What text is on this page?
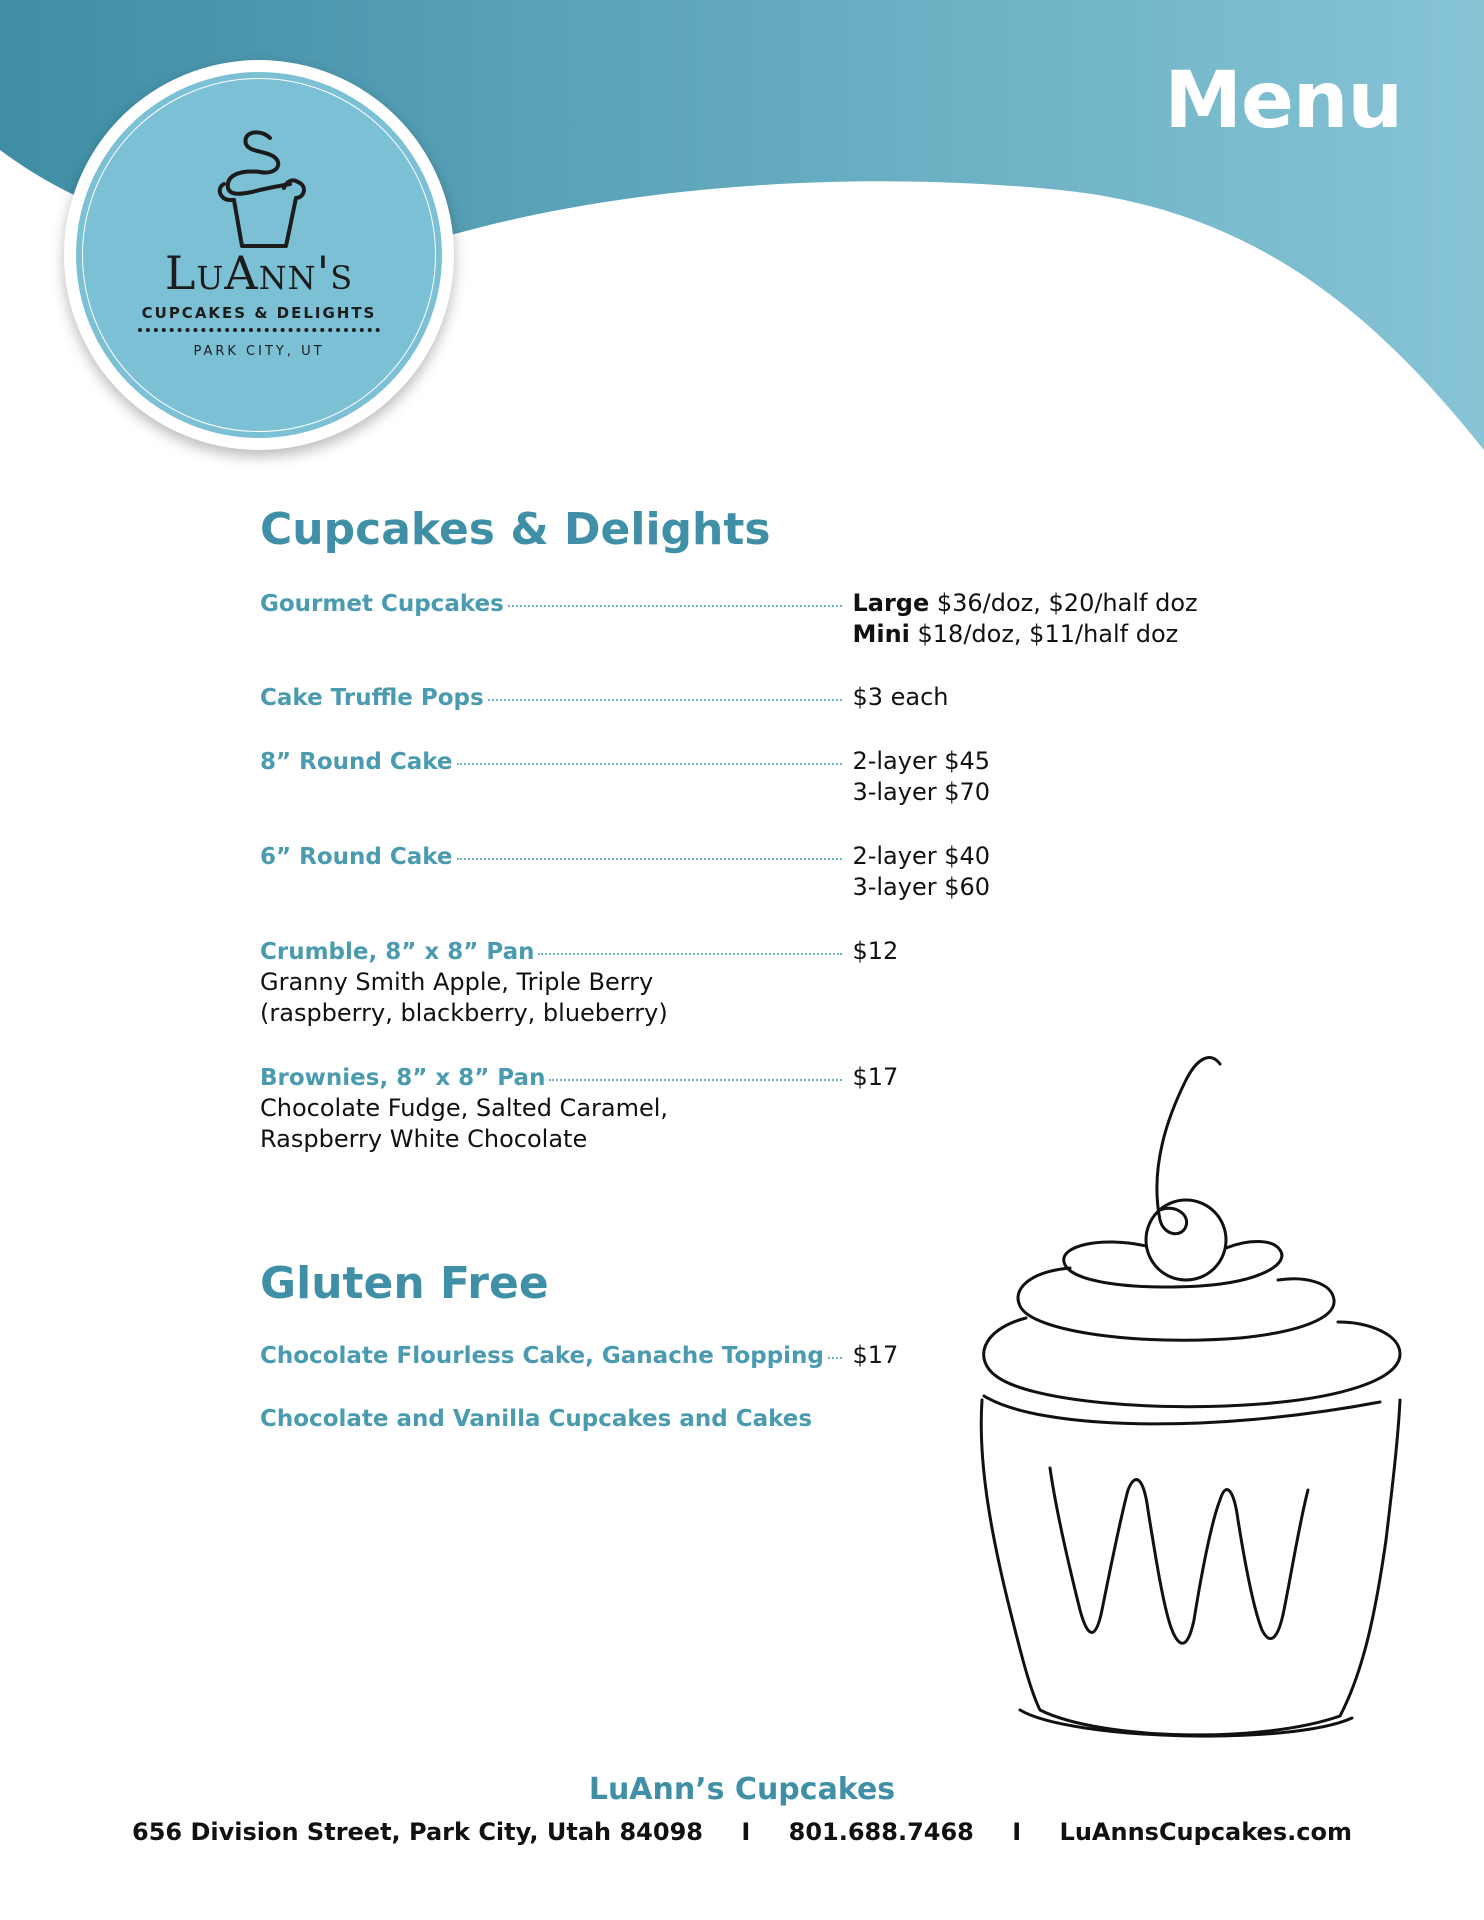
Menu
LuAnn's
CUPCAKES & DELIGHTS
PARK CITY, UT
Cupcakes & Delights
Gourmet Cupcakes	Large $36/doz, $20/half doz
Mini $18/doz, $11/half doz
Cake Truffle Pops	$3 each
8” Round Cake	2-layer $45
3-layer $70
6” Round Cake	2-layer $40
3-layer $60
Crumble, 8” x 8” Pan	$12
Granny Smith Apple, Triple Berry
(raspberry, blackberry, blueberry)
Brownies, 8” x 8” Pan	$17
Chocolate Fudge, Salted Caramel,
Raspberry White Chocolate
Gluten Free
Chocolate Flourless Cake, Ganache Topping $17
Chocolate and Vanilla Cupcakes and Cakes
LuAnn’s Cupcakes
656 Division Street, Park City, Utah 84098 I 801.688.7468 I LuAnnsCupcakes.com
